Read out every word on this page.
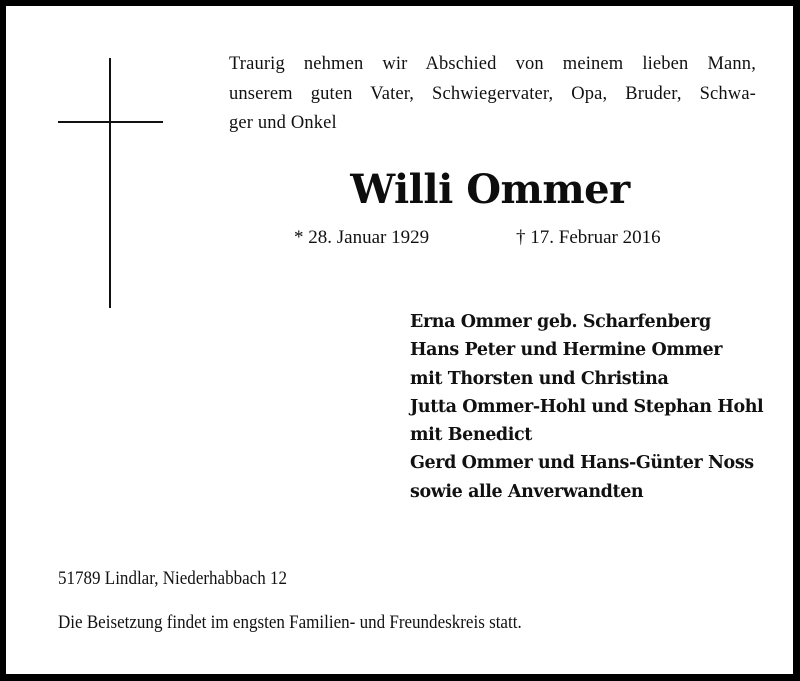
Traurig nehmen wir Abschied von meinem lieben Mann,
unserem guten Vater, Schwiegervater, Opa, Bruder, Schwa-
ger und Onkel
Willi Ommer
* 28. Januar 1929	† 17. Februar 2016
Erna Ommer geb. Scharfenberg
Hans Peter und Hermine Ommer
mit Thorsten und Christina
Jutta Ommer-Hohl und Stephan Hohl
mit Benedict
Gerd Ommer und Hans-Günter Noss
sowie alle Anverwandten
51789 Lindlar, Niederhabbach 12
Die Beisetzung findet im engsten Familien- und Freundeskreis statt.
